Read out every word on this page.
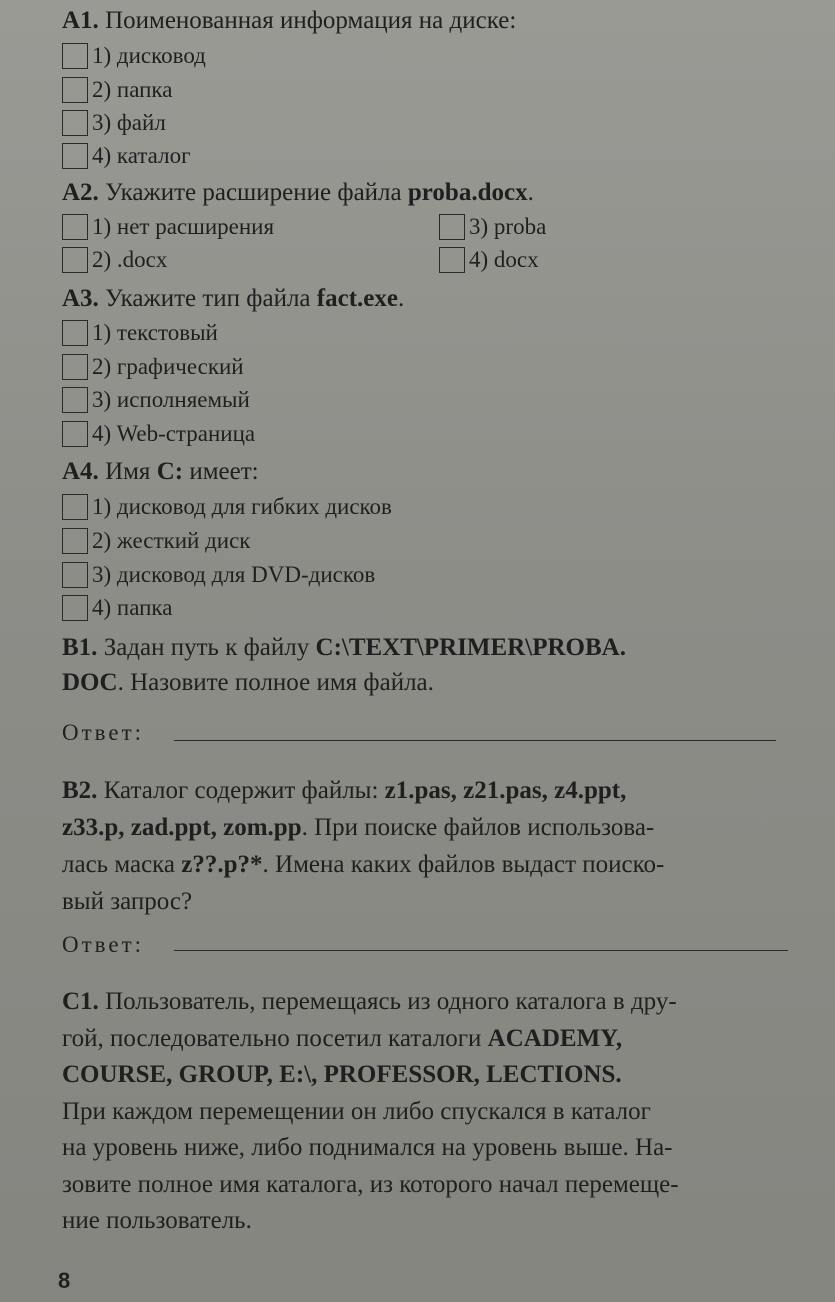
А1. Поименованная информация на диске:
1) дисковод
2) папка
3) файл
4) каталог
А2. Укажите расширение файла proba.docx.
1) нет расширения
2) .docx
3) proba
4) docx
А3. Укажите тип файла fact.exe.
1) текстовый
2) графический
3) исполняемый
4) Web-страница
А4. Имя С: имеет:
1) дисковод для гибких дисков
2) жесткий диск
3) дисковод для DVD-дисков
4) папка
В1. Задан путь к файлу С:\TEXT\PRIMER\PROBA.
DOC. Назовите полное имя файла.
Ответ:
В2. Каталог содержит файлы: z1.pas, z21.pas, z4.ppt,
z33.p, zad.ppt, zom.pp. При поиске файлов использова-
лась маска z??.p?*. Имена каких файлов выдаст поиско-
вый запрос?
Ответ:
С1. Пользователь, перемещаясь из одного каталога в дру-
гой, последовательно посетил каталоги ACADEMY,
COURSE, GROUP, E:\, PROFESSOR, LECTIONS.
При каждом перемещении он либо спускался в каталог
на уровень ниже, либо поднимался на уровень выше. На-
зовите полное имя каталога, из которого начал перемеще-
ние пользователь.
8
